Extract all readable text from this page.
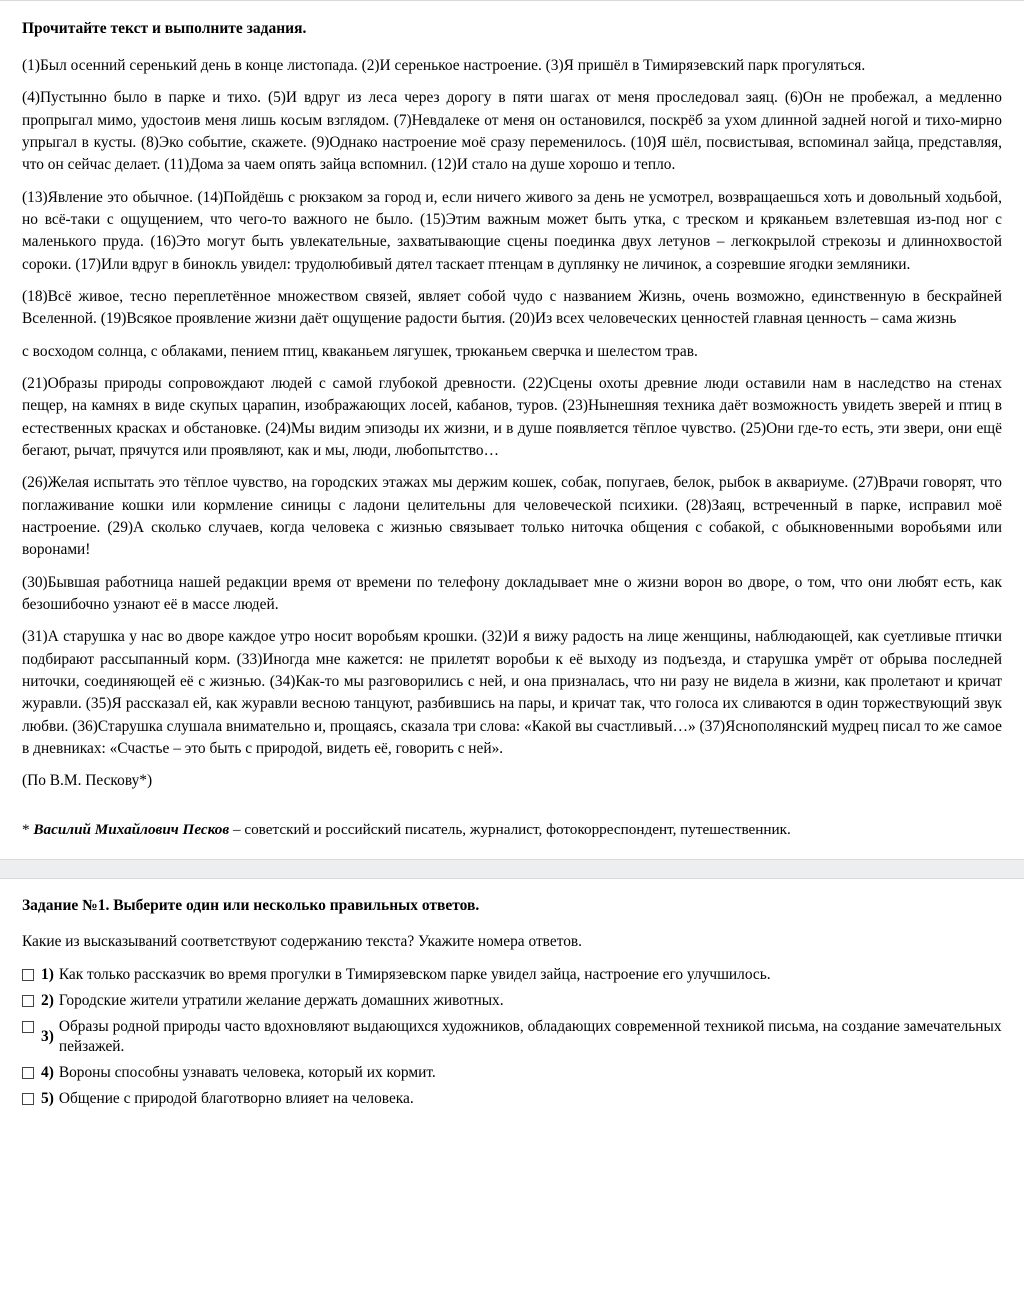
Прочитайте текст и выполните задания.

(1)Был осенний серенький день в конце листопада. (2)И серенькое настроение. (3)Я пришёл в Тимирязевский парк прогуляться.

(4)Пустынно было в парке и тихо. (5)И вдруг из леса через дорогу в пяти шагах от меня проследовал заяц. (6)Он не пробежал, а медленно пропрыгал мимо, удостоив меня лишь косым взглядом. (7)Невдалеке от меня он остановился, поскрёб за ухом длинной задней ногой и тихо-мирно упрыгал в кусты. (8)Эко событие, скажете. (9)Однако настроение моё сразу переменилось. (10)Я шёл, посвистывая, вспоминал зайца, представляя, что он сейчас делает. (11)Дома за чаем опять зайца вспомнил. (12)И стало на душе хорошо и тепло.

(13)Явление это обычное. (14)Пойдёшь с рюкзаком за город и, если ничего живого за день не усмотрел, возвращаешься хоть и довольный ходьбой, но всё-таки с ощущением, что чего-то важного не было. (15)Этим важным может быть утка, с треском и кряканьем взлетевшая из-под ног с маленького пруда. (16)Это могут быть увлекательные, захватывающие сцены поединка двух летунов – легкокрылой стрекозы и длиннохвостой сороки. (17)Или вдруг в бинокль увидел: трудолюбивый дятел таскает птенцам в дуплянку не личинок, а созревшие ягодки земляники.

(18)Всё живое, тесно переплетённое множеством связей, являет собой чудо с названием Жизнь, очень возможно, единственную в бескрайней Вселенной. (19)Всякое проявление жизни даёт ощущение радости бытия. (20)Из всех человеческих ценностей главная ценность – сама жизнь

с восходом солнца, с облаками, пением птиц, кваканьем лягушек, трюканьем сверчка и шелестом трав.

(21)Образы природы сопровождают людей с самой глубокой древности. (22)Сцены охоты древние люди оставили нам в наследство на стенах пещер, на камнях в виде скупых царапин, изображающих лосей, кабанов, туров. (23)Нынешняя техника даёт возможность увидеть зверей и птиц в естественных красках и обстановке. (24)Мы видим эпизоды их жизни, и в душе появляется тёплое чувство. (25)Они где-то есть, эти звери, они ещё бегают, рычат, прячутся или проявляют, как и мы, люди, любопытство…

(26)Желая испытать это тёплое чувство, на городских этажах мы держим кошек, собак, попугаев, белок, рыбок в аквариуме. (27)Врачи говорят, что поглаживание кошки или кормление синицы с ладони целительны для человеческой психики. (28)Заяц, встреченный в парке, исправил моё настроение. (29)А сколько случаев, когда человека с жизнью связывает только ниточка общения с собакой, с обыкновенными воробьями или воронами!

(30)Бывшая работница нашей редакции время от времени по телефону докладывает мне о жизни ворон во дворе, о том, что они любят есть, как безошибочно узнают её в массе людей.

(31)А старушка у нас во дворе каждое утро носит воробьям крошки. (32)И я вижу радость на лице женщины, наблюдающей, как суетливые птички подбирают рассыпанный корм. (33)Иногда мне кажется: не прилетят воробьи к её выходу из подъезда, и старушка умрёт от обрыва последней ниточки, соединяющей её с жизнью. (34)Как-то мы разговорились с ней, и она призналась, что ни разу не видела в жизни, как пролетают и кричат журавли. (35)Я рассказал ей, как журавли весною танцуют, разбившись на пары, и кричат так, что голоса их сливаются в один торжествующий звук любви. (36)Старушка слушала внимательно и, прощаясь, сказала три слова: «Какой вы счастливый…» (37)Яснополянский мудрец писал то же самое в дневниках: «Счастье – это быть с природой, видеть её, говорить с ней».

(По В.М. Пескову*)

* Василий Михайлович Песков – советский и российский писатель, журналист, фотокорреспондент, путешественник.
Задание №1. Выберите один или несколько правильных ответов.
Какие из высказываний соответствуют содержанию текста? Укажите номера ответов.
1) Как только рассказчик во время прогулки в Тимирязевском парке увидел зайца, настроение его улучшилось.
2) Городские жители утратили желание держать домашних животных.
3)
Образы родной природы часто вдохновляют выдающихся художников, обладающих современной техникой письма, на создание замечательных пейзажей.
4) Вороны способны узнавать человека, который их кормит.
5) Общение с природой благотворно влияет на человека.
